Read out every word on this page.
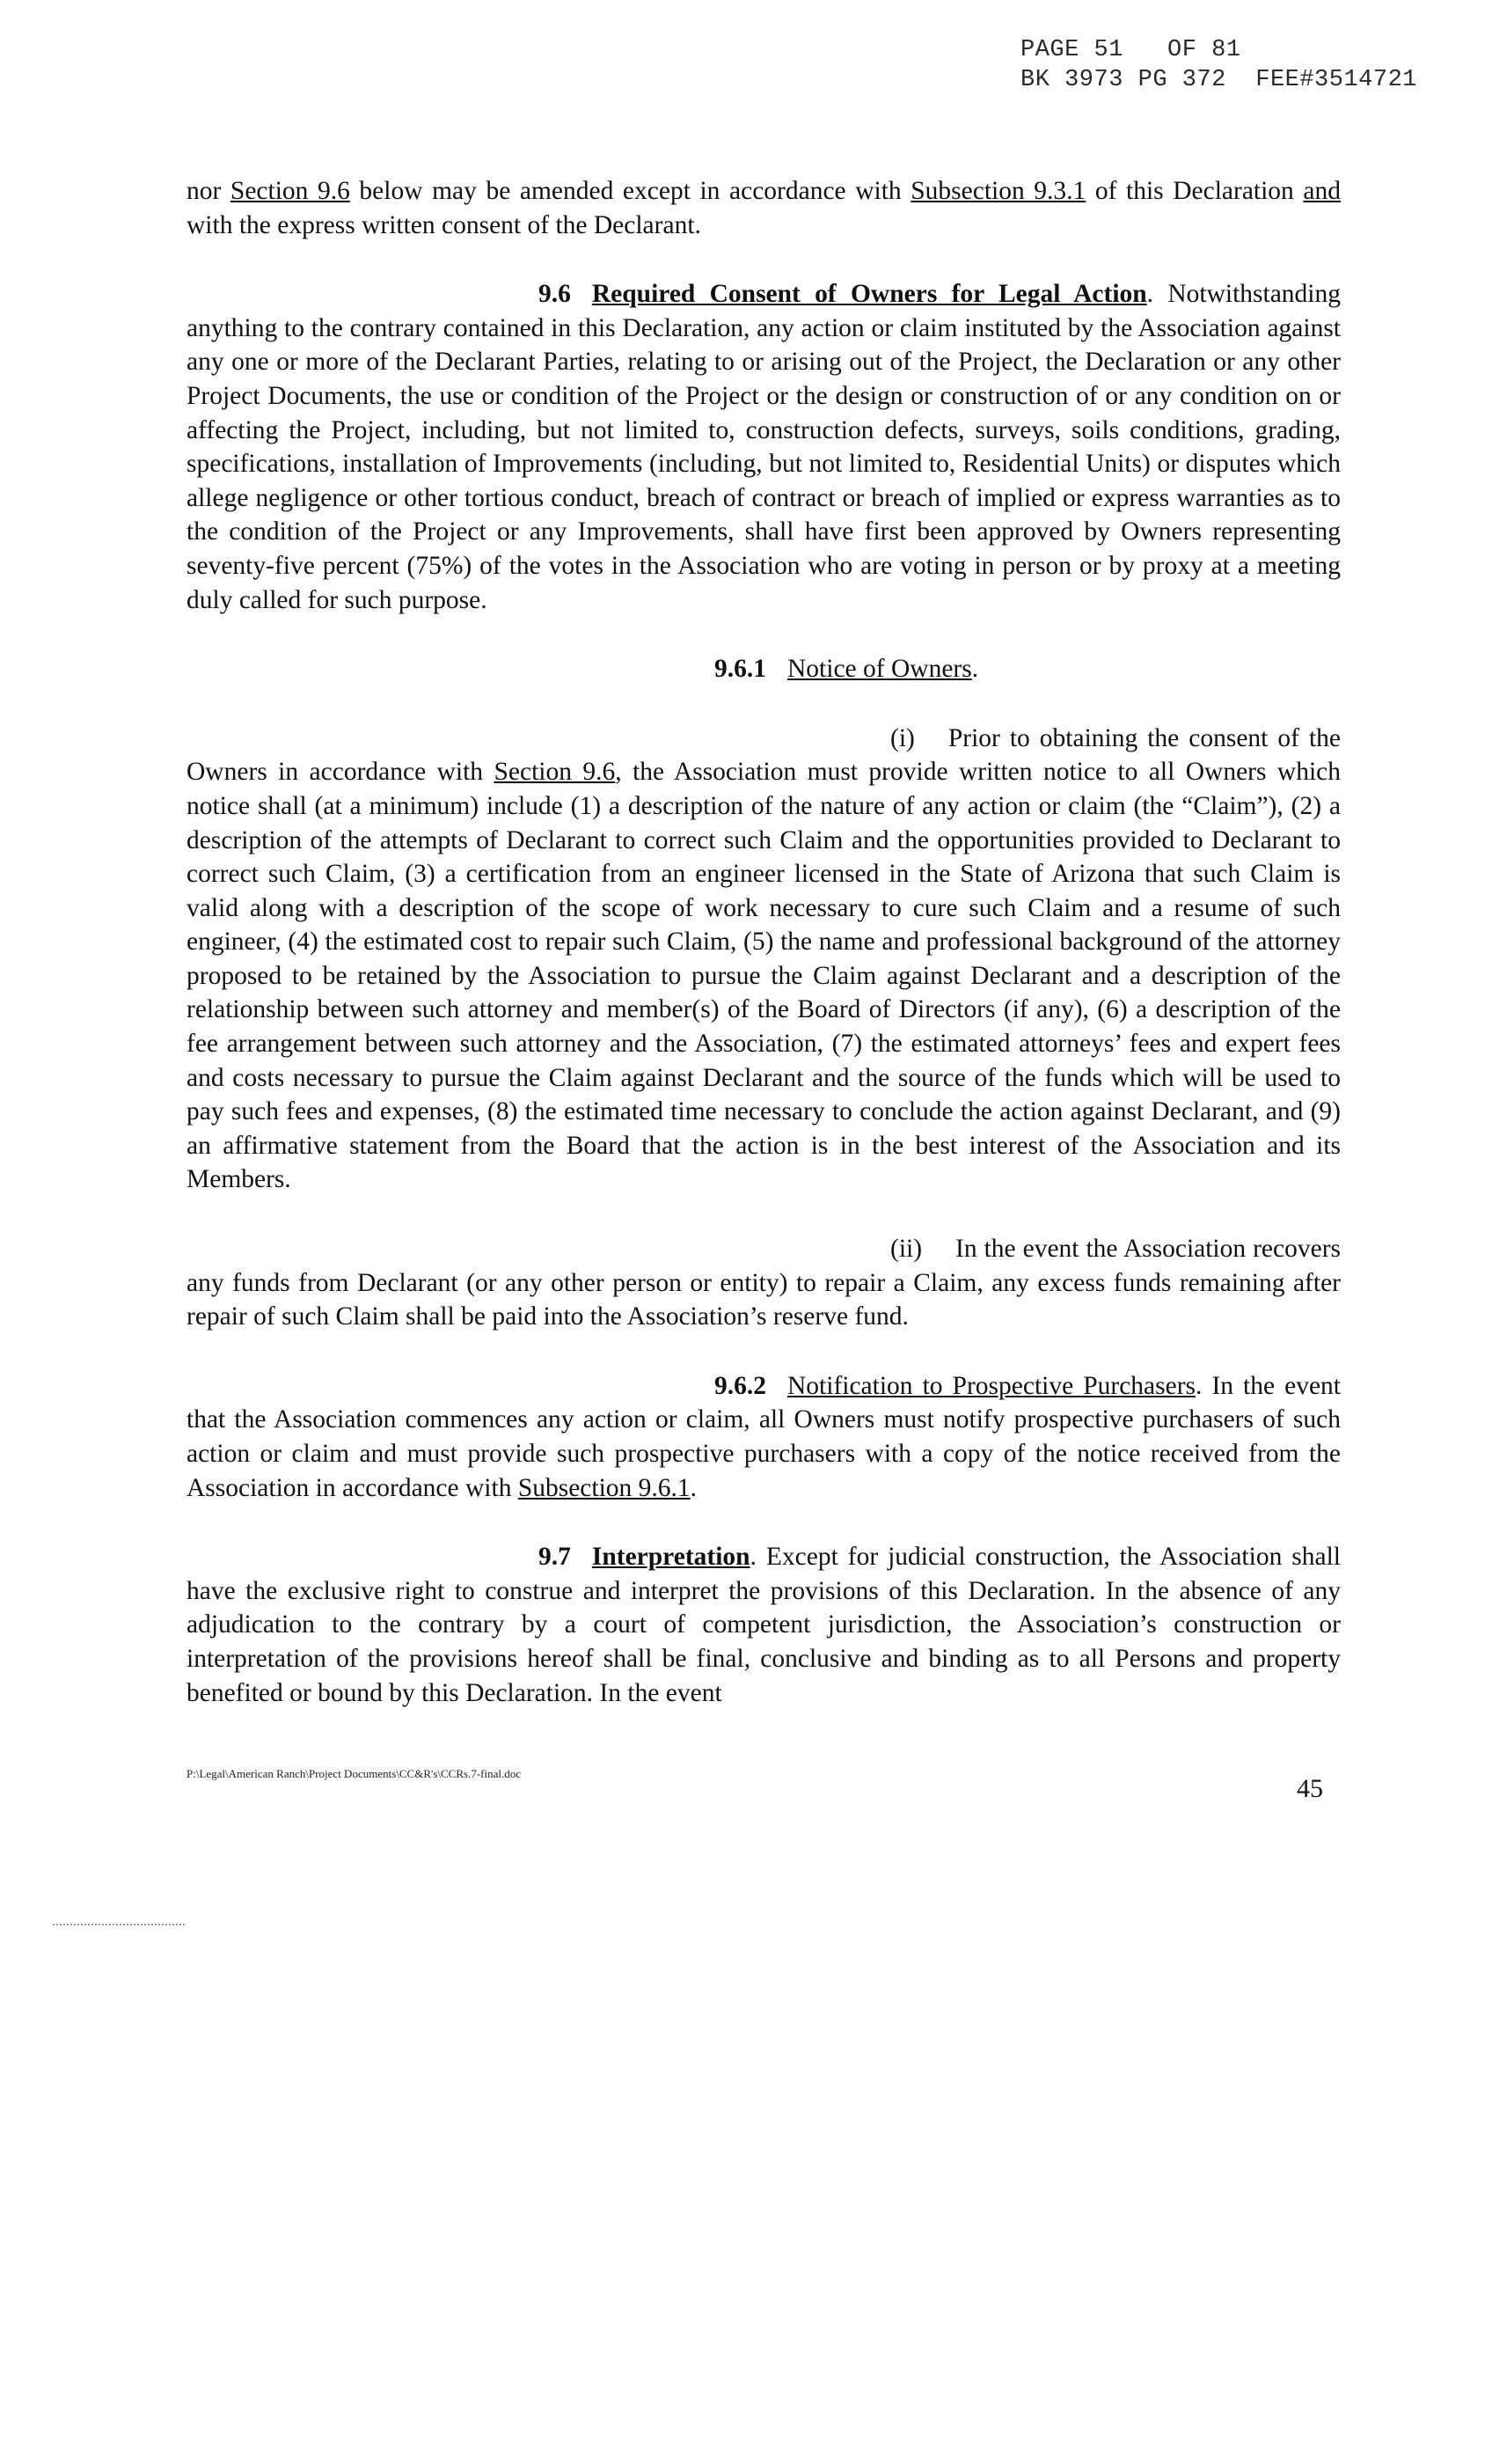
PAGE 51   OF 81
BK 3973 PG 372  FEE#3514721

nor Section 9.6 below may be amended except in accordance with Subsection 9.3.1 of this Declaration and with the express written consent of the Declarant.

9.6 Required Consent of Owners for Legal Action. Notwithstanding anything to the contrary contained in this Declaration, any action or claim instituted by the Association against any one or more of the Declarant Parties, relating to or arising out of the Project, the Declaration or any other Project Documents, the use or condition of the Project or the design or construction of or any condition on or affecting the Project, including, but not limited to, construction defects, surveys, soils conditions, grading, specifications, installation of Improvements (including, but not limited to, Residential Units) or disputes which allege negligence or other tortious conduct, breach of contract or breach of implied or express warranties as to the condition of the Project or any Improvements, shall have first been approved by Owners representing seventy-five percent (75%) of the votes in the Association who are voting in person or by proxy at a meeting duly called for such purpose.

9.6.1 Notice of Owners.

(i) Prior to obtaining the consent of the Owners in accordance with Section 9.6, the Association must provide written notice to all Owners which notice shall (at a minimum) include (1) a description of the nature of any action or claim (the “Claim”), (2) a description of the attempts of Declarant to correct such Claim and the opportunities provided to Declarant to correct such Claim, (3) a certification from an engineer licensed in the State of Arizona that such Claim is valid along with a description of the scope of work necessary to cure such Claim and a resume of such engineer, (4) the estimated cost to repair such Claim, (5) the name and professional background of the attorney proposed to be retained by the Association to pursue the Claim against Declarant and a description of the relationship between such attorney and member(s) of the Board of Directors (if any), (6) a description of the fee arrangement between such attorney and the Association, (7) the estimated attorneys’ fees and expert fees and costs necessary to pursue the Claim against Declarant and the source of the funds which will be used to pay such fees and expenses, (8) the estimated time necessary to conclude the action against Declarant, and (9) an affirmative statement from the Board that the action is in the best interest of the Association and its Members.

(ii) In the event the Association recovers any funds from Declarant (or any other person or entity) to repair a Claim, any excess funds remaining after repair of such Claim shall be paid into the Association’s reserve fund.

9.6.2 Notification to Prospective Purchasers. In the event that the Association commences any action or claim, all Owners must notify prospective purchasers of such action or claim and must provide such prospective purchasers with a copy of the notice received from the Association in accordance with Subsection 9.6.1.

9.7 Interpretation. Except for judicial construction, the Association shall have the exclusive right to construe and interpret the provisions of this Declaration. In the absence of any adjudication to the contrary by a court of competent jurisdiction, the Association’s construction or interpretation of the provisions hereof shall be final, conclusive and binding as to all Persons and property benefited or bound by this Declaration. In the event

P:\Legal\American Ranch\Project Documents\CC&R's\CCRs.7-final.doc
45
